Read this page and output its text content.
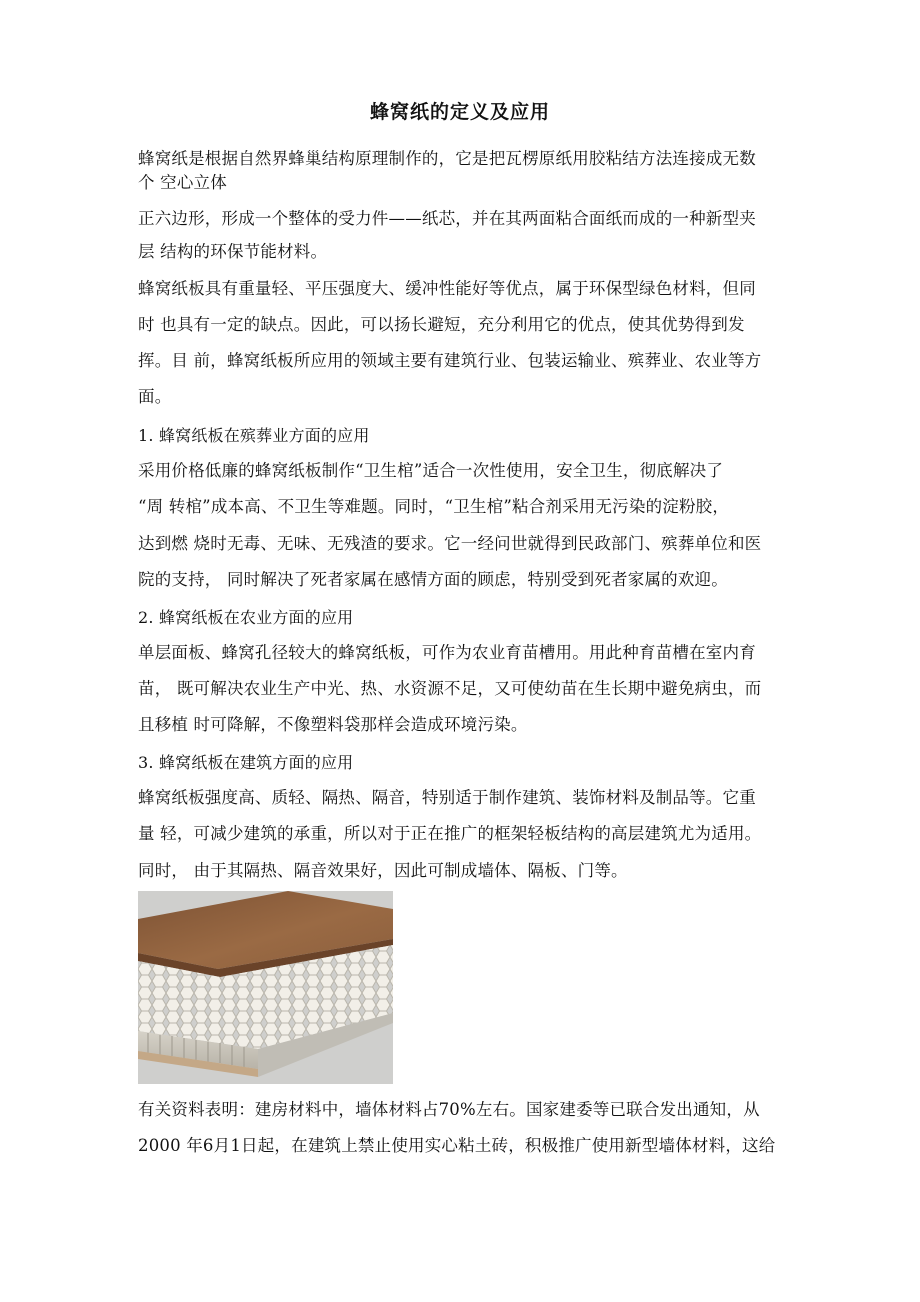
蜂窝纸的定义及应用
蜂窝纸是根据自然界蜂巢结构原理制作的，它是把瓦楞原纸用胶粘结方法连接成无数
个 空心立体
正六边形，形成一个整体的受力件——纸芯，并在其两面粘合面纸而成的一种新型夹
层 结构的环保节能材料。
蜂窝纸板具有重量轻、平压强度大、缓冲性能好等优点，属于环保型绿色材料，但同
时 也具有一定的缺点。因此，可以扬长避短，充分利用它的优点，使其优势得到发
挥。目 前，蜂窝纸板所应用的领域主要有建筑行业、包装运输业、殡葬业、农业等方
面。
1. 蜂窝纸板在殡葬业方面的应用
采用价格低廉的蜂窝纸板制作“卫生棺”适合一次性使用，安全卫生，彻底解决了
“周 转棺”成本高、不卫生等难题。同时，“卫生棺”粘合剂采用无污染的淀粉胶，
达到燃 烧时无毒、无味、无残渣的要求。它一经问世就得到民政部门、殡葬单位和医
院的支持， 同时解决了死者家属在感情方面的顾虑，特别受到死者家属的欢迎。
2. 蜂窝纸板在农业方面的应用
单层面板、蜂窝孔径较大的蜂窝纸板，可作为农业育苗槽用。用此种育苗槽在室内育
苗， 既可解决农业生产中光、热、水资源不足，又可使幼苗在生长期中避免病虫，而
且移植 时可降解，不像塑料袋那样会造成环境污染。
3. 蜂窝纸板在建筑方面的应用
蜂窝纸板强度高、质轻、隔热、隔音，特别适于制作建筑、装饰材料及制品等。它重
量 轻，可减少建筑的承重，所以对于正在推广的框架轻板结构的高层建筑尤为适用。
同时， 由于其隔热、隔音效果好，因此可制成墙体、隔板、门等。
有关资料表明：建房材料中，墙体材料占70%左右。国家建委等已联合发出通知，从
2000 年6月1日起，在建筑上禁止使用实心粘土砖，积极推广使用新型墙体材料，这给
